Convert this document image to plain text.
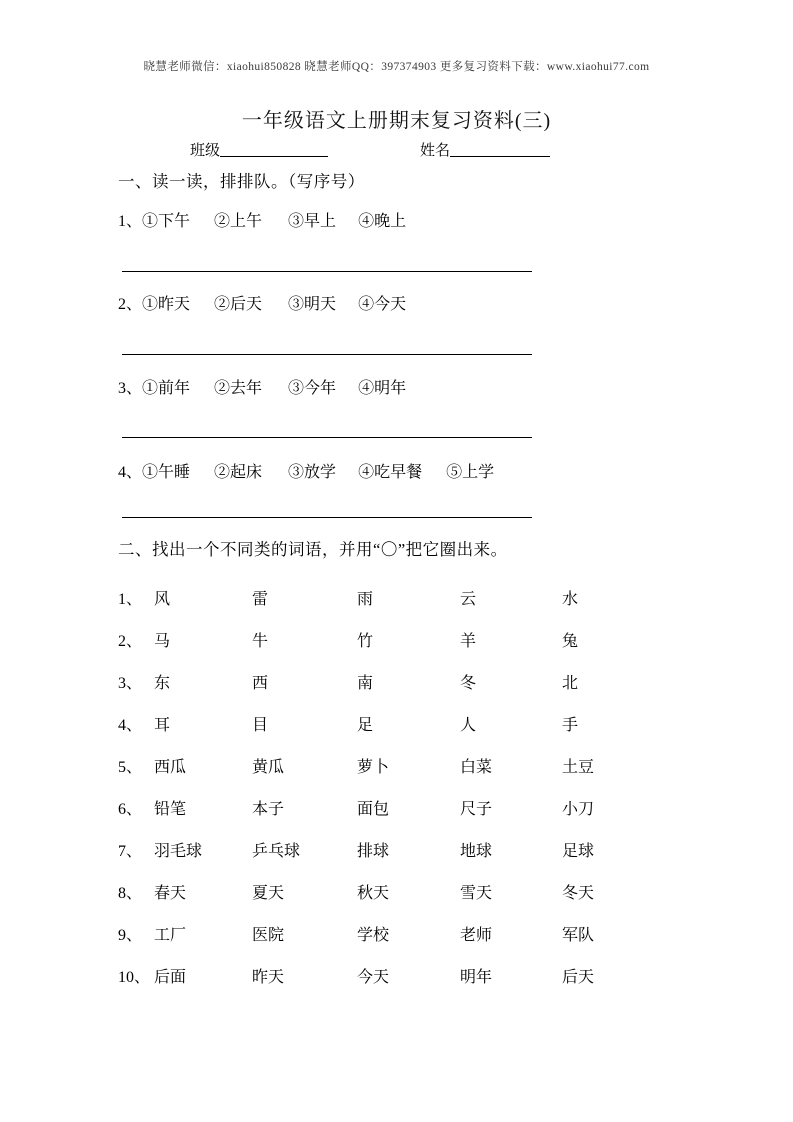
晓慧老师微信：xiaohui850828 晓慧老师QQ：397374903 更多复习资料下载：www.xiaohui77.com
一年级语文上册期末复习资料(三)
班级	姓名
一、读一读，排排队。（写序号）
1、①下午 ②上午 ③早上 ④晚上
2、①昨天 ②后天 ③明天 ④今天
3、①前年 ②去年 ③今年 ④明年
4、①午睡 ②起床 ③放学 ④吃早餐 ⑤上学
二、找出一个不同类的词语，并用“〇”把它圈出来。
1、 风	雷	雨	云	水
2、 马	牛	竹	羊	兔
3、 东	西	南	冬	北
4、 耳	目	足	人	手
5、 西瓜	黄瓜	萝卜	白菜	土豆
6、 铅笔	本子	面包	尺子	小刀
7、 羽毛球	乒乓球	排球	地球	足球
8、 春天	夏天	秋天	雪天	冬天
9、 工厂	医院	学校	老师	军队
10、 后面	昨天	今天	明年	后天
